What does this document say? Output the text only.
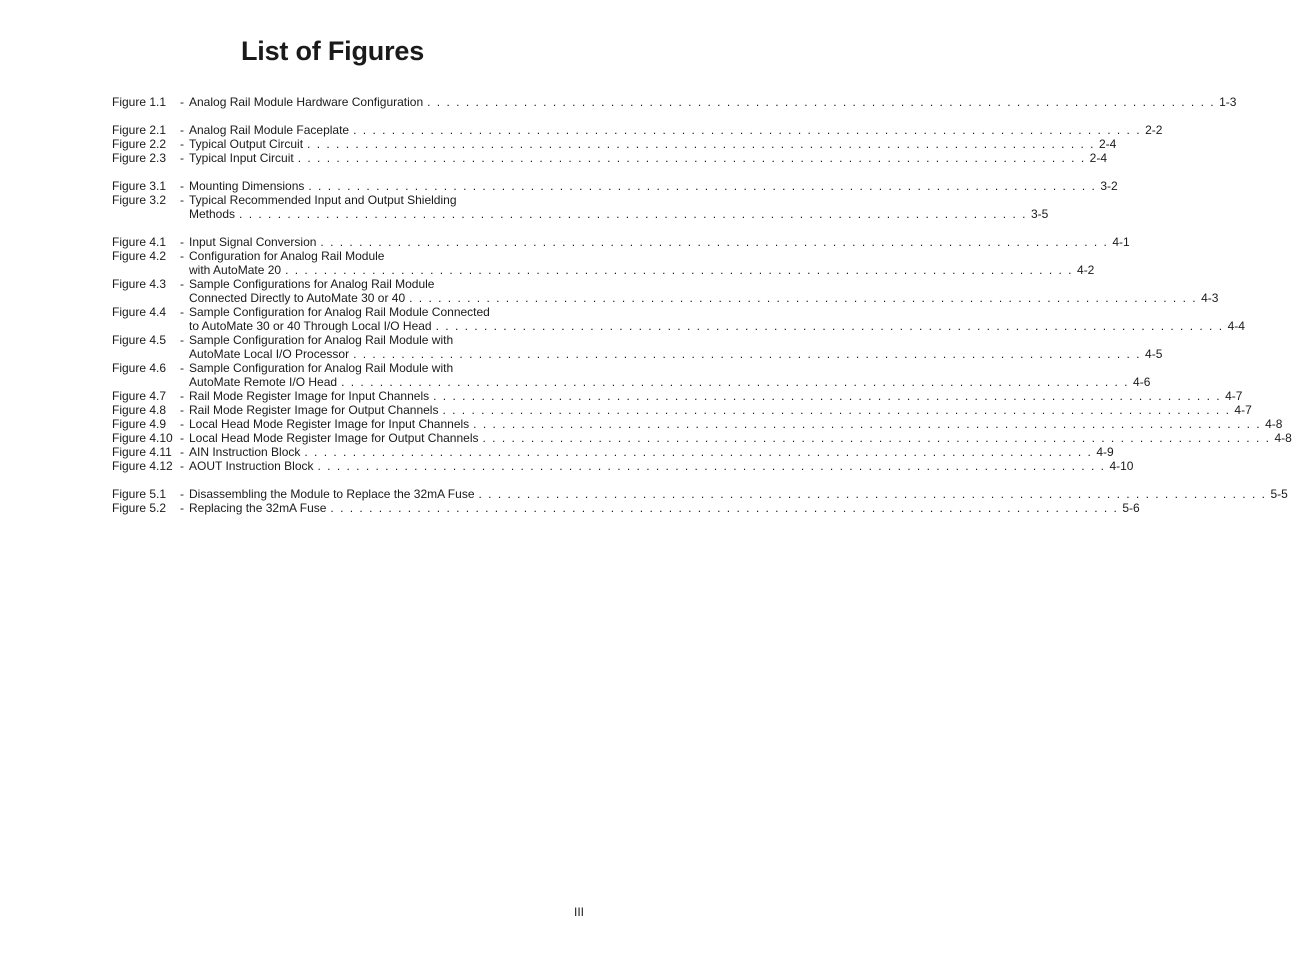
List of Figures
Figure 1.1 - Analog Rail Module Hardware Configuration . . . . . . . . . . . . . . . . . . . . . . . . . . . . . . . . . . . . . . . . . . . . . . . . . . . . . . . . . . . . . . . . . . . . . . . . . . . . . . . . . . 1-3
Figure 2.1 - Analog Rail Module Faceplate . . . . . . . . . . . . . . . . . . . . . . . . . . . . . . . . . . . . . . . . . . . . . . . . . . . . . . . . . . . . . . . . . . . . . . . . . . . . . . . . . . 2-2
Figure 2.2 - Typical Output Circuit . . . . . . . . . . . . . . . . . . . . . . . . . . . . . . . . . . . . . . . . . . . . . . . . . . . . . . . . . . . . . . . . . . . . . . . . . . . . . . . . . . 2-4
Figure 2.3 - Typical Input Circuit . . . . . . . . . . . . . . . . . . . . . . . . . . . . . . . . . . . . . . . . . . . . . . . . . . . . . . . . . . . . . . . . . . . . . . . . . . . . . . . . . . 2-4
Figure 3.1 - Mounting Dimensions . . . . . . . . . . . . . . . . . . . . . . . . . . . . . . . . . . . . . . . . . . . . . . . . . . . . . . . . . . . . . . . . . . . . . . . . . . . . . . . . . . 3-2
Figure 3.2 - Typical Recommended Input and Output Shielding
Methods . . . . . . . . . . . . . . . . . . . . . . . . . . . . . . . . . . . . . . . . . . . . . . . . . . . . . . . . . . . . . . . . . . . . . . . . . . . . . . . . . . 3-5
Figure 4.1 - Input Signal Conversion . . . . . . . . . . . . . . . . . . . . . . . . . . . . . . . . . . . . . . . . . . . . . . . . . . . . . . . . . . . . . . . . . . . . . . . . . . . . . . . . . . 4-1
Figure 4.2 - Configuration for Analog Rail Module
with AutoMate 20 . . . . . . . . . . . . . . . . . . . . . . . . . . . . . . . . . . . . . . . . . . . . . . . . . . . . . . . . . . . . . . . . . . . . . . . . . . . . . . . . . . 4-2
Figure 4.3 - Sample Configurations for Analog Rail Module
Connected Directly to AutoMate 30 or 40 . . . . . . . . . . . . . . . . . . . . . . . . . . . . . . . . . . . . . . . . . . . . . . . . . . . . . . . . . . . . . . . . . . . . . . . . . . . . . . . . . . 4-3
Figure 4.4 - Sample Configuration for Analog Rail Module Connected
to AutoMate 30 or 40 Through Local I/O Head . . . . . . . . . . . . . . . . . . . . . . . . . . . . . . . . . . . . . . . . . . . . . . . . . . . . . . . . . . . . . . . . . . . . . . . . . . . . . . . . . . 4-4
Figure 4.5 - Sample Configuration for Analog Rail Module with
AutoMate Local I/O Processor . . . . . . . . . . . . . . . . . . . . . . . . . . . . . . . . . . . . . . . . . . . . . . . . . . . . . . . . . . . . . . . . . . . . . . . . . . . . . . . . . . 4-5
Figure 4.6 - Sample Configuration for Analog Rail Module with
AutoMate Remote I/O Head . . . . . . . . . . . . . . . . . . . . . . . . . . . . . . . . . . . . . . . . . . . . . . . . . . . . . . . . . . . . . . . . . . . . . . . . . . . . . . . . . . 4-6
Figure 4.7 - Rail Mode Register Image for Input Channels . . . . . . . . . . . . . . . . . . . . . . . . . . . . . . . . . . . . . . . . . . . . . . . . . . . . . . . . . . . . . . . . . . . . . . . . . . . . . . . . . . 4-7
Figure 4.8 - Rail Mode Register Image for Output Channels . . . . . . . . . . . . . . . . . . . . . . . . . . . . . . . . . . . . . . . . . . . . . . . . . . . . . . . . . . . . . . . . . . . . . . . . . . . . . . . . . . 4-7
Figure 4.9 - Local Head Mode Register Image for Input Channels . . . . . . . . . . . . . . . . . . . . . . . . . . . . . . . . . . . . . . . . . . . . . . . . . . . . . . . . . . . . . . . . . . . . . . . . . . . . . . . . . . 4-8
Figure 4.10 - Local Head Mode Register Image for Output Channels . . . . . . . . . . . . . . . . . . . . . . . . . . . . . . . . . . . . . . . . . . . . . . . . . . . . . . . . . . . . . . . . . . . . . . . . . . . . . . . . . . 4-8
Figure 4.11 - AIN Instruction Block . . . . . . . . . . . . . . . . . . . . . . . . . . . . . . . . . . . . . . . . . . . . . . . . . . . . . . . . . . . . . . . . . . . . . . . . . . . . . . . . . . 4-9
Figure 4.12 - AOUT Instruction Block . . . . . . . . . . . . . . . . . . . . . . . . . . . . . . . . . . . . . . . . . . . . . . . . . . . . . . . . . . . . . . . . . . . . . . . . . . . . . . . . . . 4-10
Figure 5.1 - Disassembling the Module to Replace the 32mA Fuse . . . . . . . . . . . . . . . . . . . . . . . . . . . . . . . . . . . . . . . . . . . . . . . . . . . . . . . . . . . . . . . . . . . . . . . . . . . . . . . . . . 5-5
Figure 5.2 - Replacing the 32mA Fuse . . . . . . . . . . . . . . . . . . . . . . . . . . . . . . . . . . . . . . . . . . . . . . . . . . . . . . . . . . . . . . . . . . . . . . . . . . . . . . . . . . 5-6

III
